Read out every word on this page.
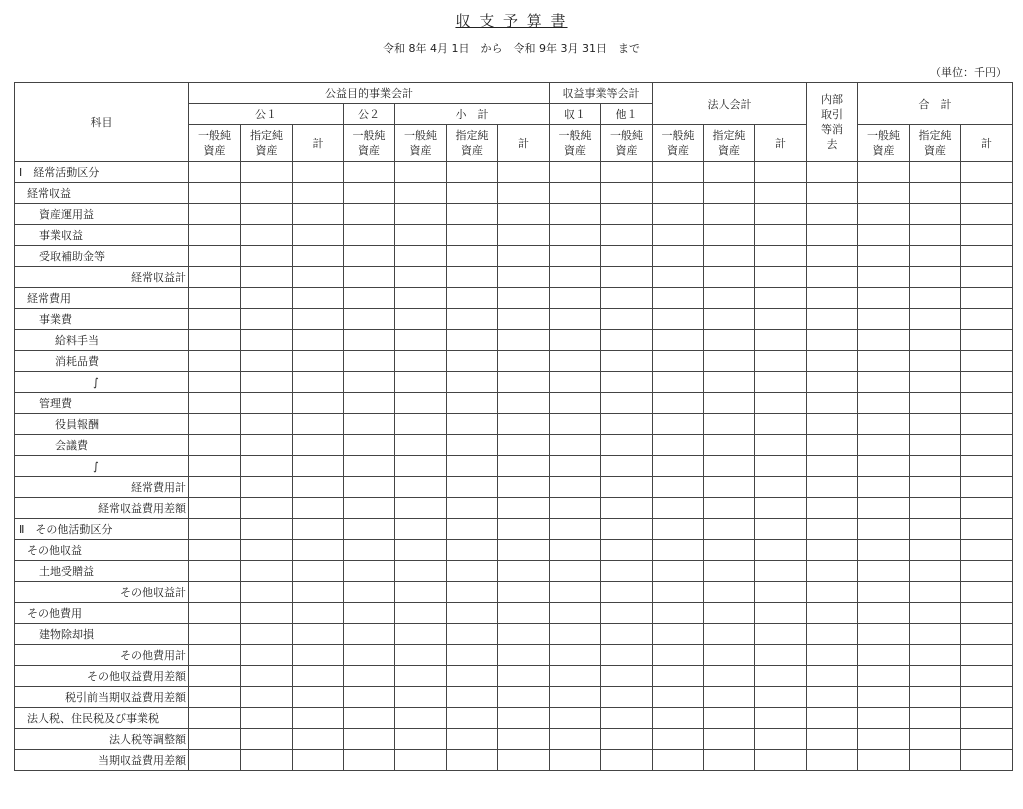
収 支 予 算 書
令和 8年 4月 1日　から　令和 9年 3月 31日　まで
（単位：千円）
科目	公益目的事業会計							収益事業等会計		法人会計			内部取引等消去	合　計		
	公１			公２	小　計			収１	他１							
	一般純資産	指定純資産	計	一般純資産	一般純資産	指定純資産	計	一般純資産	一般純資産	一般純資産	指定純資産	計		一般純資産	指定純資産	計
Ⅰ　経常活動区分																
経常収益																
資産運用益																
事業収益																
受取補助金等																
経常収益計																
経常費用																
事業費																
給料手当																
消耗品費																
∫																
管理費																
役員報酬																
会議費																
∫																
経常費用計																
経常収益費用差額																
Ⅱ　その他活動区分																
その他収益																
土地受贈益																
その他収益計																
その他費用																
建物除却損																
その他費用計																
その他収益費用差額																
税引前当期収益費用差額																
法人税、住民税及び事業税																
法人税等調整額																
当期収益費用差額																
